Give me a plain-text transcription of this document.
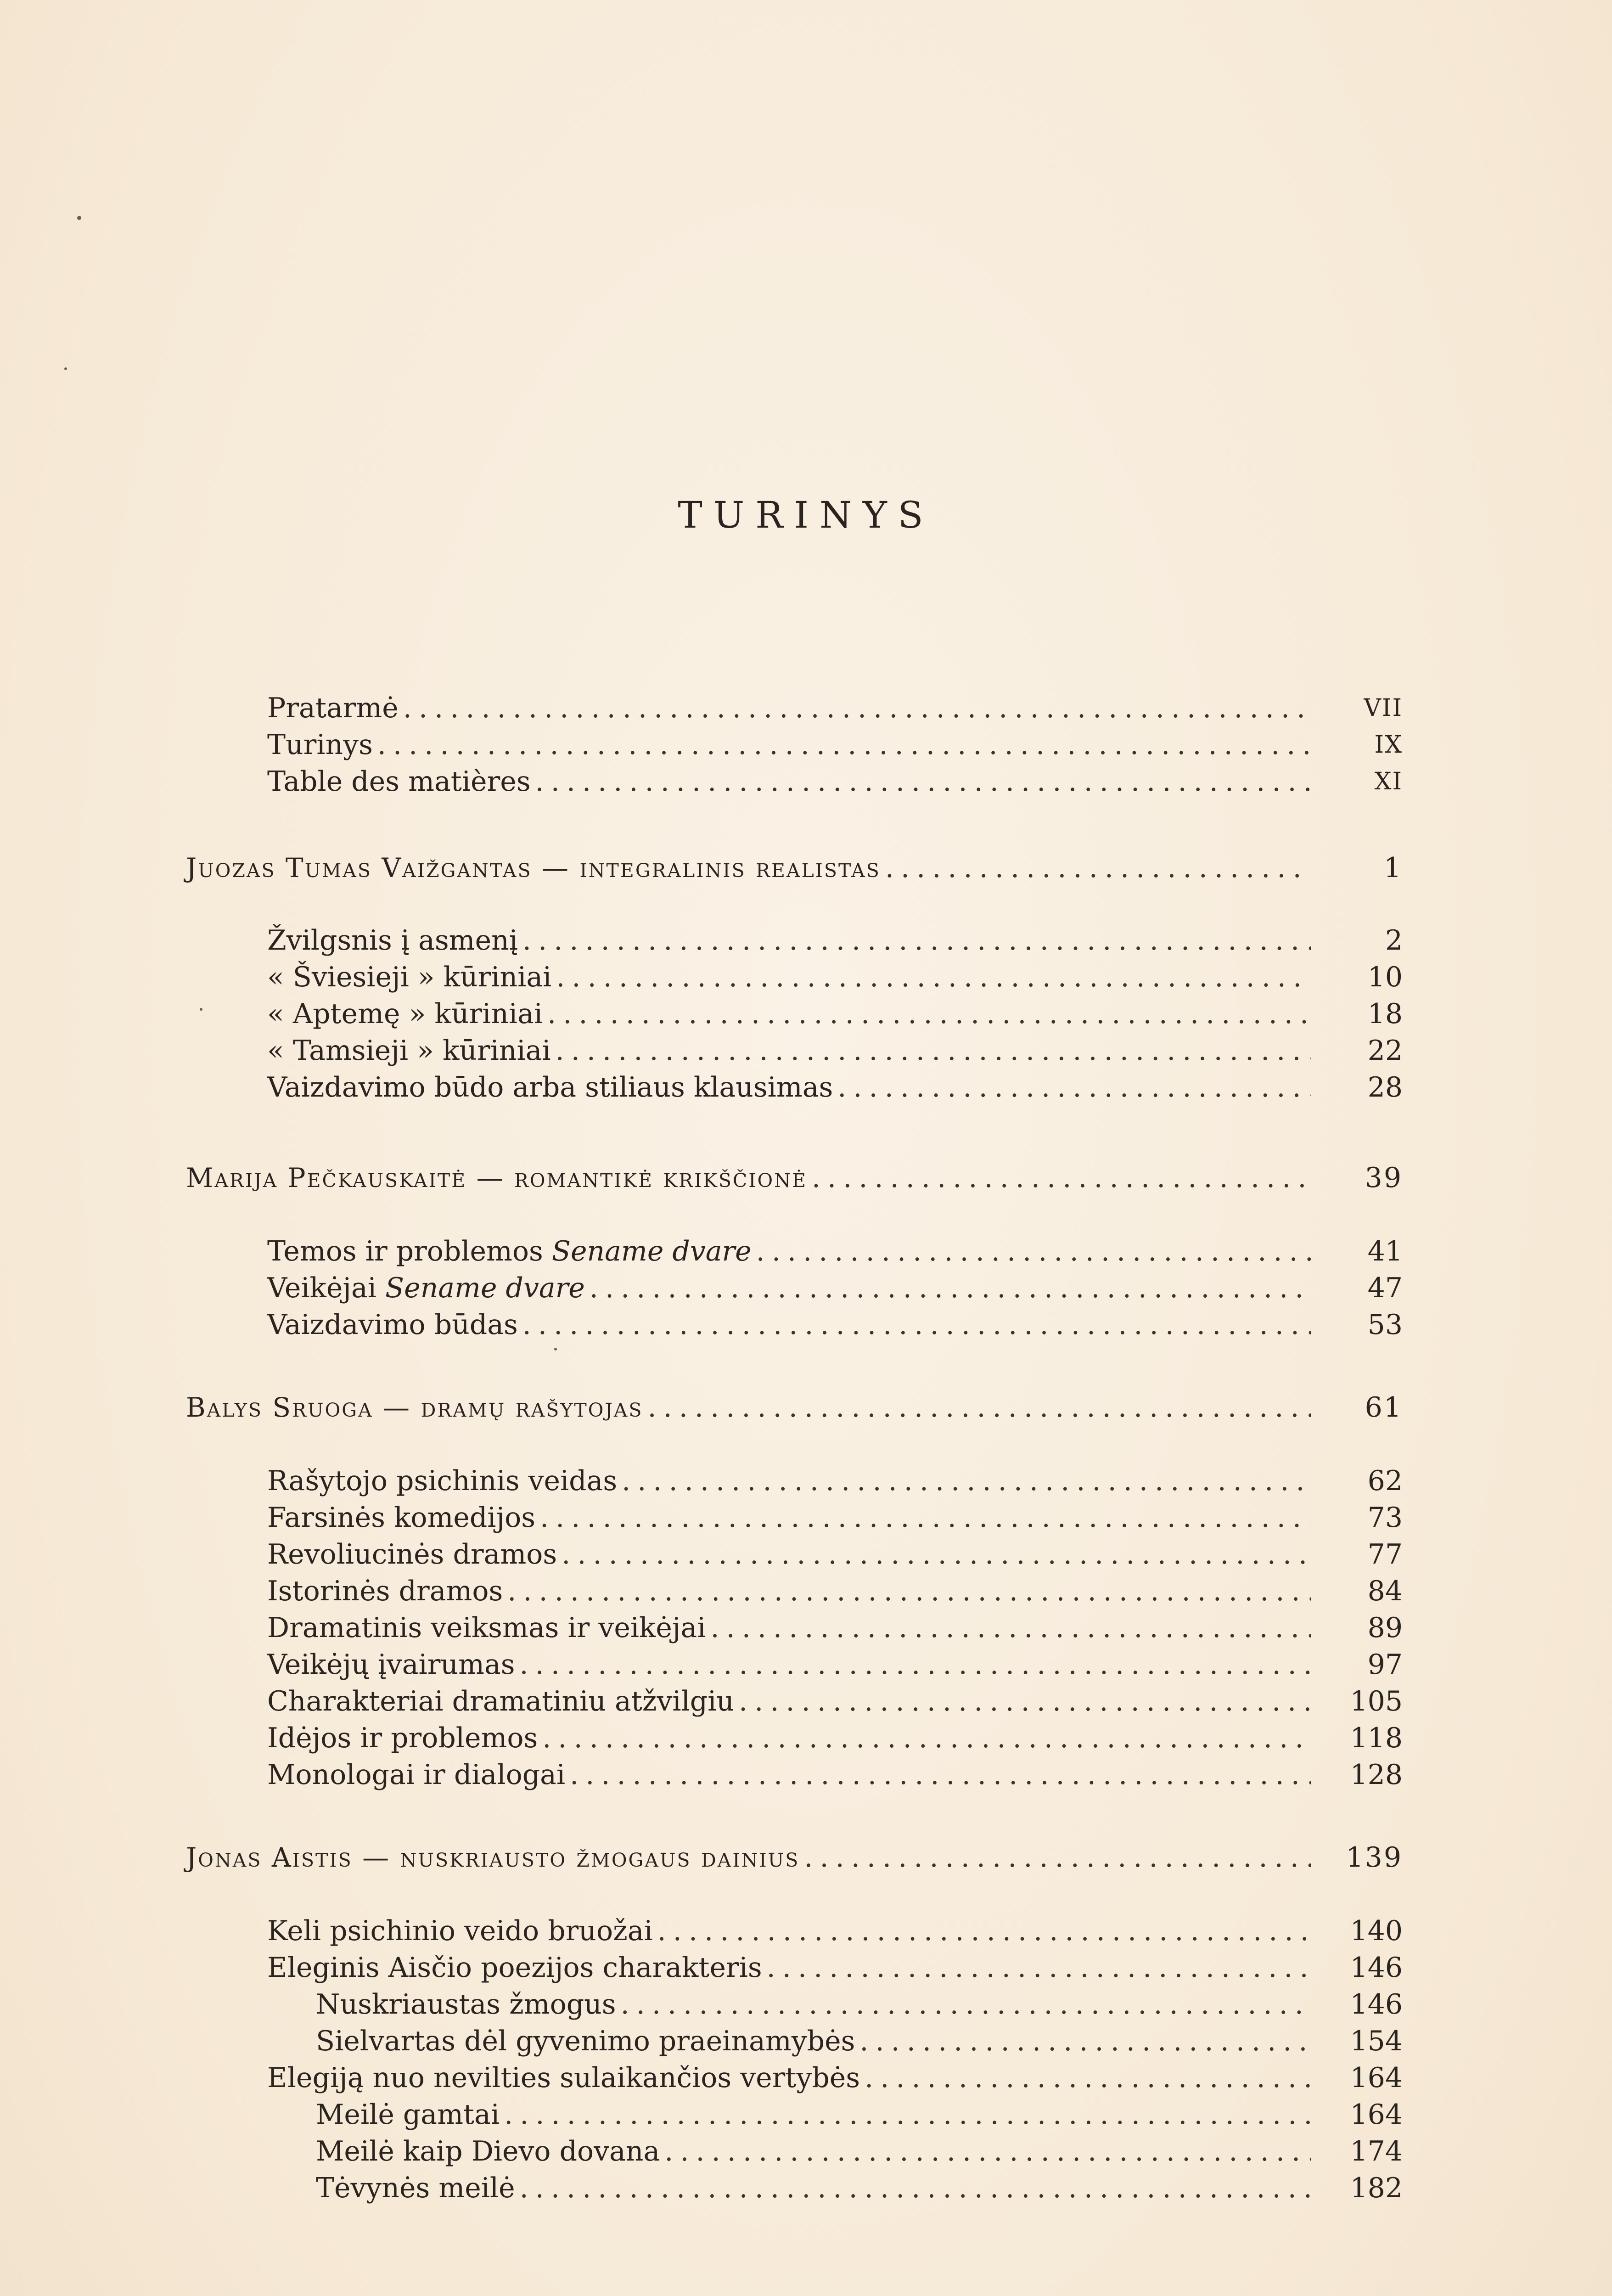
TURINYS
Pratarmė . . .	VII
Turinys . . .	IX
Table des matières . . .	XI
Juozas Tumas Vaižgantas — integralinis realistas . . .	1
Žvilgsnis į asmenį . . .	2
« Šviesieji » kūriniai . . .	10
« Aptemę » kūriniai . . .	18
« Tamsieji » kūriniai . . .	22
Vaizdavimo būdo arba stiliaus klausimas . . .	28
Marija Pečkauskaitė — romantikė krikščionė . . .	39
Temos ir problemos Sename dvare . . .	41
Veikėjai Sename dvare . . .	47
Vaizdavimo būdas . . .	53
Balys Sruoga — dramų rašytojas . . .	61
Rašytojo psichinis veidas . . .	62
Farsinės komedijos . . .	73
Revoliucinės dramos . . .	77
Istorinės dramos . . .	84
Dramatinis veiksmas ir veikėjai . . .	89
Veikėjų įvairumas . . .	97
Charakteriai dramatiniu atžvilgiu . . .	105
Idėjos ir problemos . . .	118
Monologai ir dialogai . . .	128
Jonas Aistis — nuskriausto žmogaus dainius . . .	139
Keli psichinio veido bruožai . . .	140
Eleginis Aisčio poezijos charakteris . . .	146
Nuskriaustas žmogus . . .	146
Sielvartas dėl gyvenimo praeinamybės . . .	154
Elegiją nuo nevilties sulaikančios vertybės . . .	164
Meilė gamtai . . .	164
Meilė kaip Dievo dovana . . .	174
Tėvynės meilė . . .	182
